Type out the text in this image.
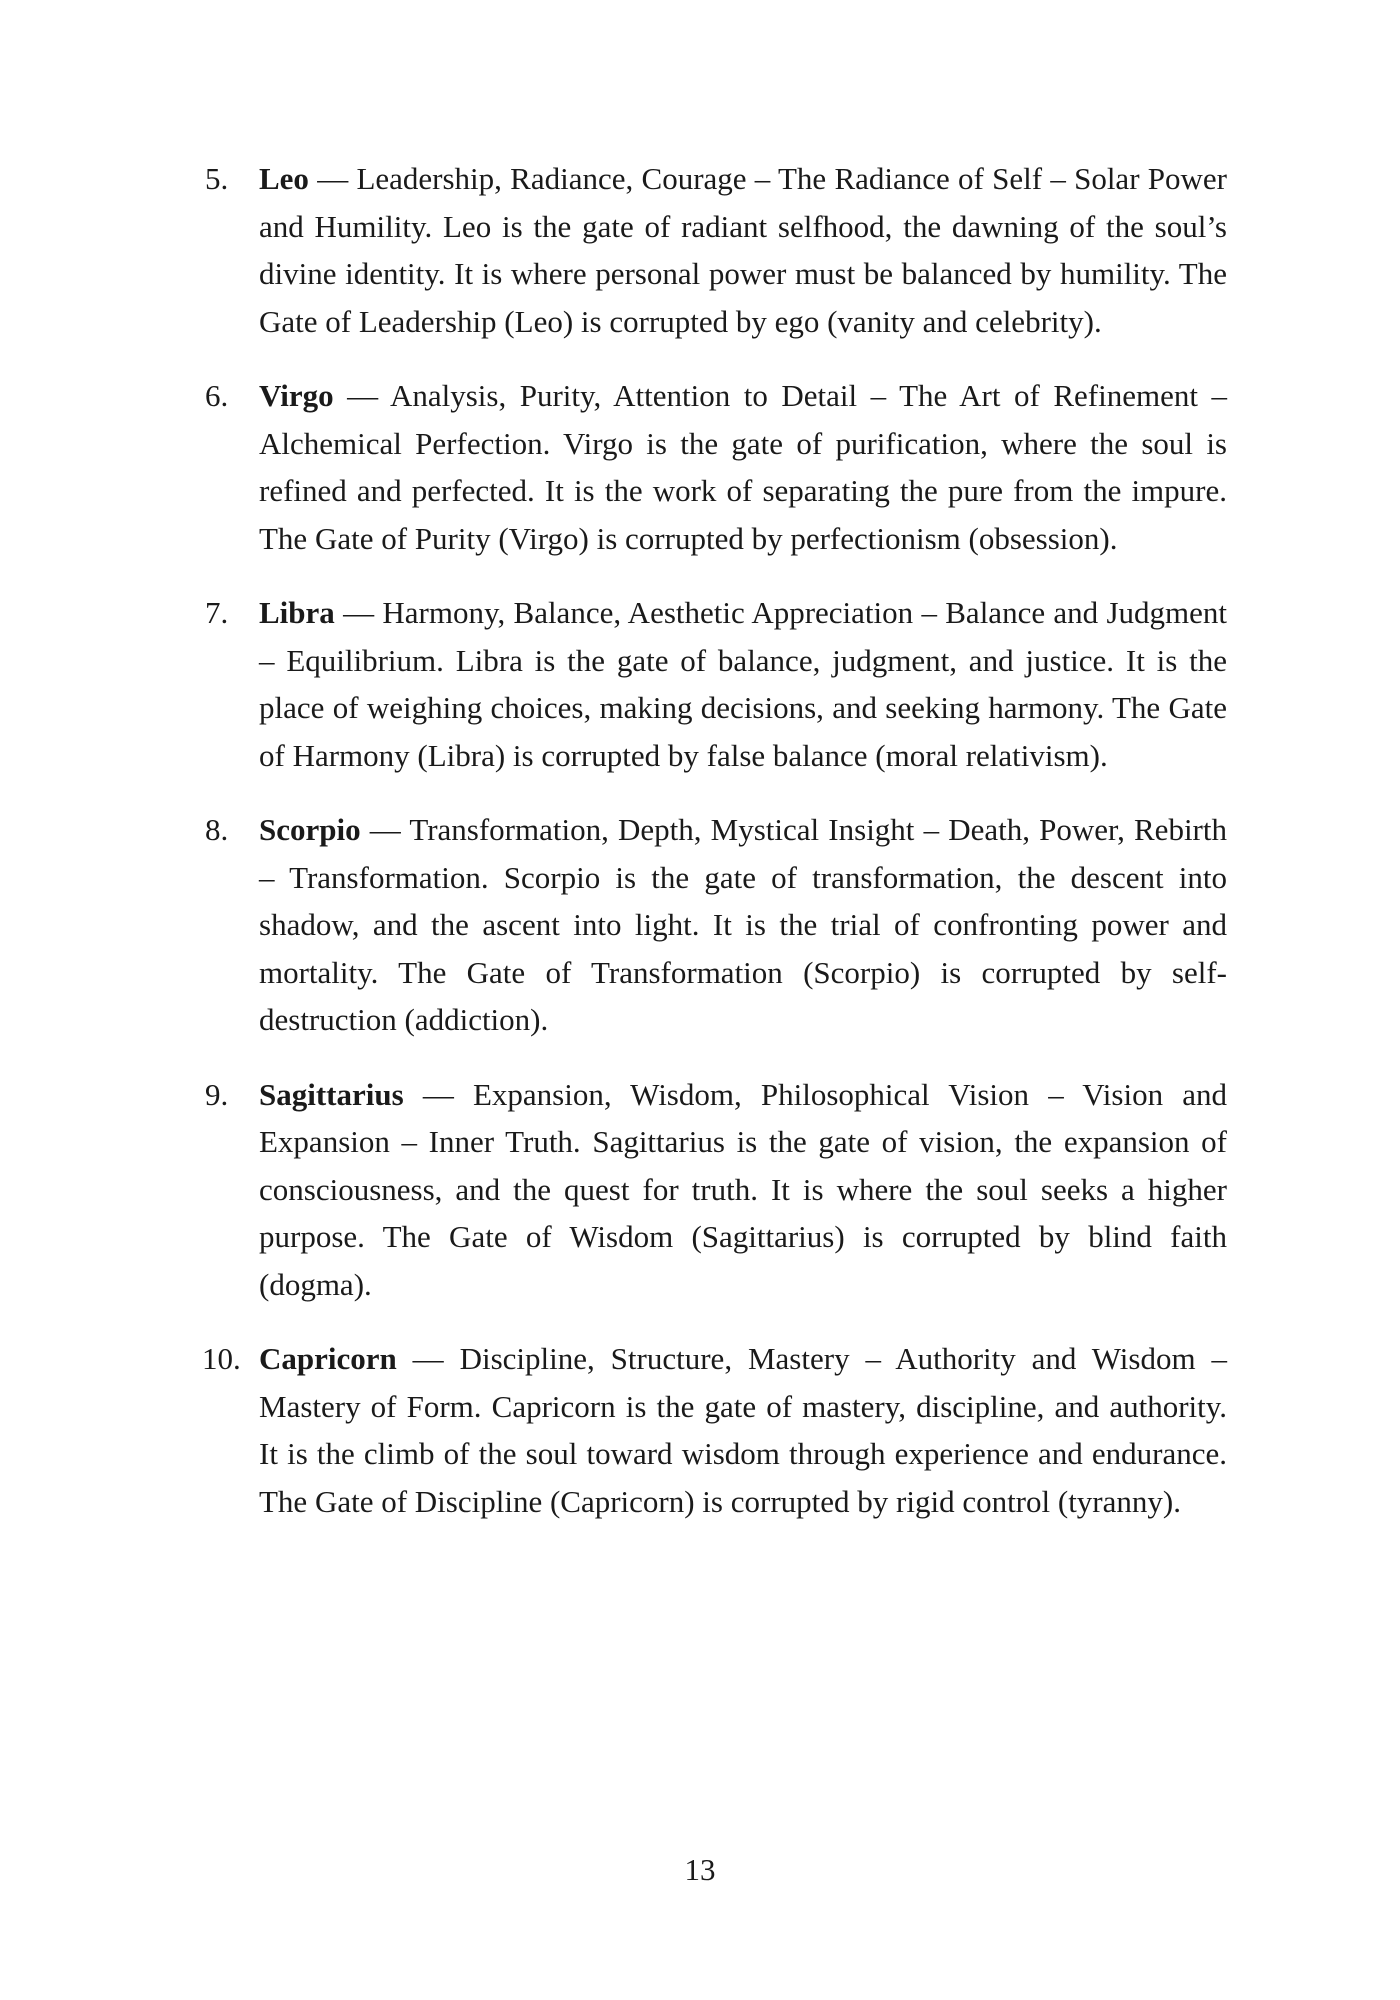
5. Leo — Leadership, Radiance, Courage – The Radiance of Self – Solar Power and Humility. Leo is the gate of radiant selfhood, the dawning of the soul’s divine identity. It is where personal power must be balanced by humility. The Gate of Leadership (Leo) is corrupted by ego (vanity and celebrity).
6. Virgo — Analysis, Purity, Attention to Detail – The Art of Refinement – Alchemical Perfection. Virgo is the gate of purification, where the soul is refined and perfected. It is the work of separating the pure from the impure. The Gate of Purity (Virgo) is corrupted by perfectionism (obsession).
7. Libra — Harmony, Balance, Aesthetic Appreciation – Balance and Judgment – Equilibrium. Libra is the gate of balance, judgment, and justice. It is the place of weighing choices, making decisions, and seeking harmony. The Gate of Harmony (Libra) is corrupted by false balance (moral relativism).
8. Scorpio — Transformation, Depth, Mystical Insight – Death, Power, Rebirth – Transformation. Scorpio is the gate of transformation, the descent into shadow, and the ascent into light. It is the trial of confronting power and mortality. The Gate of Transformation (Scorpio) is corrupted by self-destruction (addiction).
9. Sagittarius — Expansion, Wisdom, Philosophical Vision – Vision and Expansion – Inner Truth. Sagittarius is the gate of vision, the expansion of consciousness, and the quest for truth. It is where the soul seeks a higher purpose. The Gate of Wisdom (Sagittarius) is corrupted by blind faith (dogma).
10. Capricorn — Discipline, Structure, Mastery – Authority and Wisdom – Mastery of Form. Capricorn is the gate of mastery, discipline, and authority. It is the climb of the soul toward wisdom through experience and endurance. The Gate of Discipline (Capricorn) is corrupted by rigid control (tyranny).
13
